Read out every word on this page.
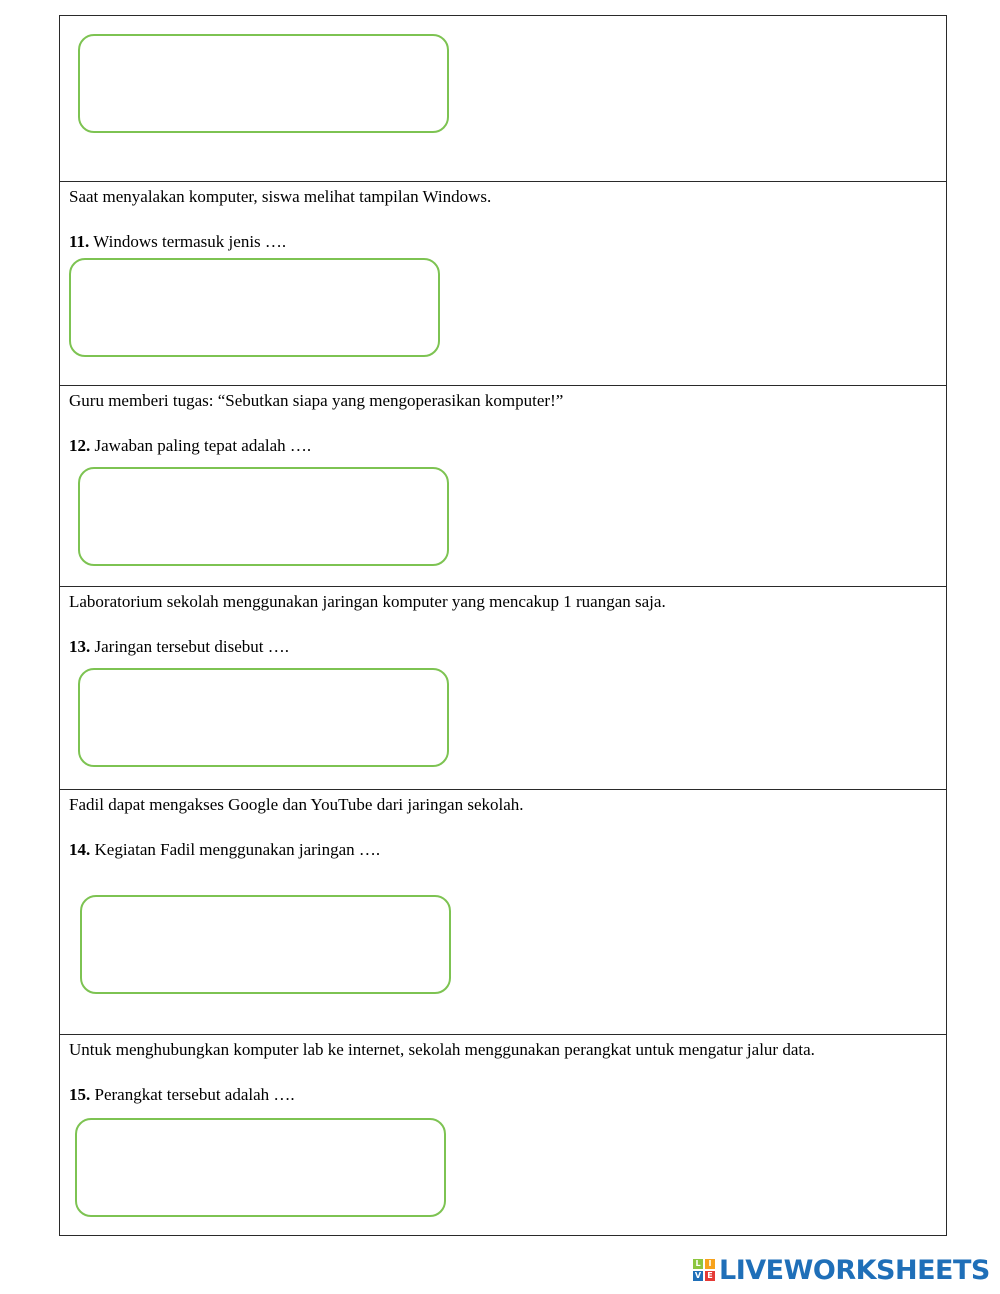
Saat menyalakan komputer, siswa melihat tampilan Windows.
11. Windows termasuk jenis ….
Guru memberi tugas: “Sebutkan siapa yang mengoperasikan komputer!”
12. Jawaban paling tepat adalah ….
Laboratorium sekolah menggunakan jaringan komputer yang mencakup 1 ruangan saja.
13. Jaringan tersebut disebut ….
Fadil dapat mengakses Google dan YouTube dari jaringan sekolah.
14. Kegiatan Fadil menggunakan jaringan ….
Untuk menghubungkan komputer lab ke internet, sekolah menggunakan perangkat untuk mengatur jalur data.
15. Perangkat tersebut adalah ….
L I
V E LIVEWORKSHEETS
